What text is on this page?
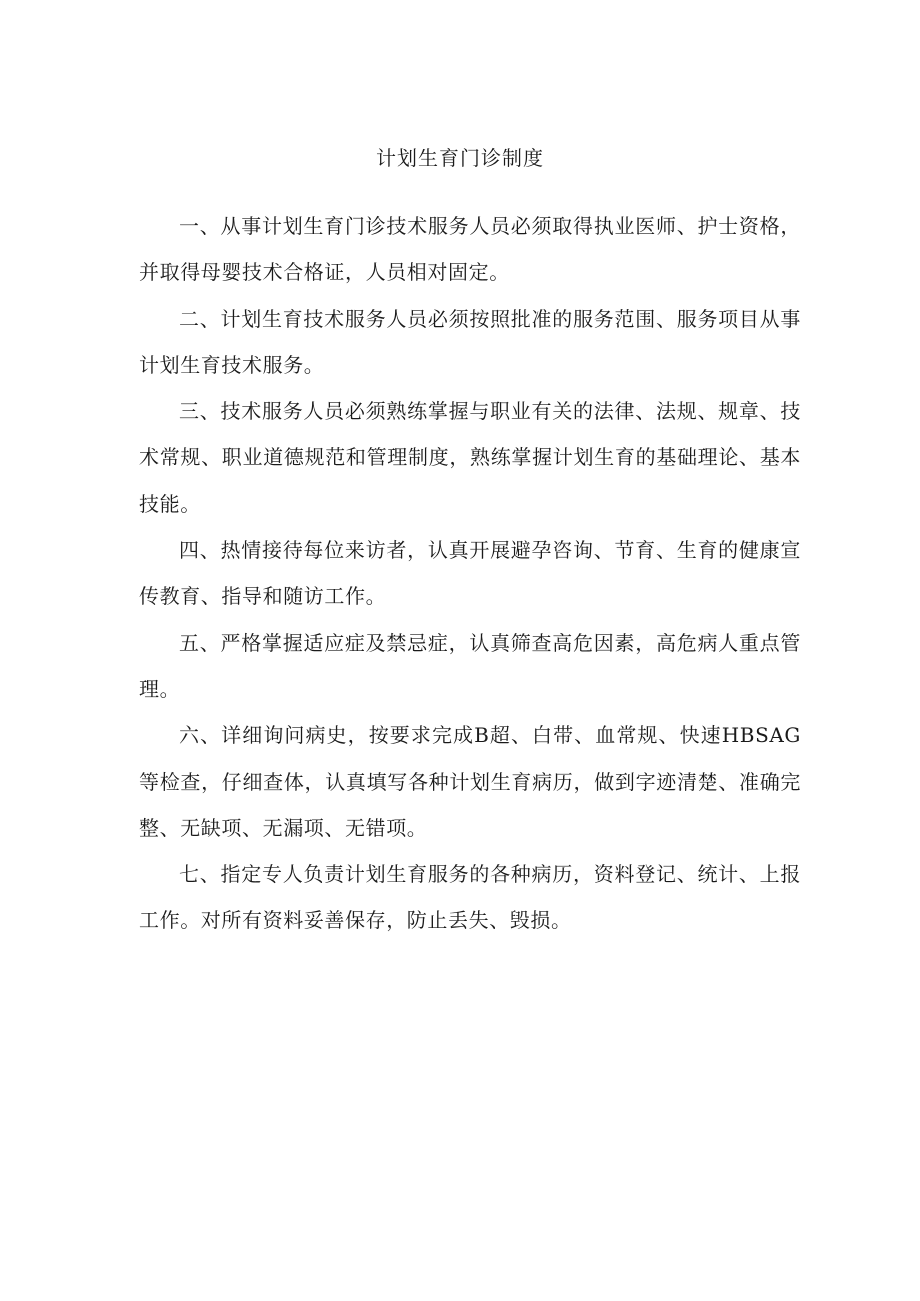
计划生育门诊制度

一、从事计划生育门诊技术服务人员必须取得执业医师、护士资格，并取得母婴技术合格证，人员相对固定。

二、计划生育技术服务人员必须按照批准的服务范围、服务项目从事计划生育技术服务。

三、技术服务人员必须熟练掌握与职业有关的法律、法规、规章、技术常规、职业道德规范和管理制度，熟练掌握计划生育的基础理论、基本技能。

四、热情接待每位来访者，认真开展避孕咨询、节育、生育的健康宣传教育、指导和随访工作。

五、严格掌握适应症及禁忌症，认真筛查高危因素，高危病人重点管理。

六、详细询问病史，按要求完成B超、白带、血常规、快速HBSAG等检查，仔细查体，认真填写各种计划生育病历，做到字迹清楚、准确完整、无缺项、无漏项、无错项。

七、指定专人负责计划生育服务的各种病历，资料登记、统计、上报工作。对所有资料妥善保存，防止丢失、毁损。
